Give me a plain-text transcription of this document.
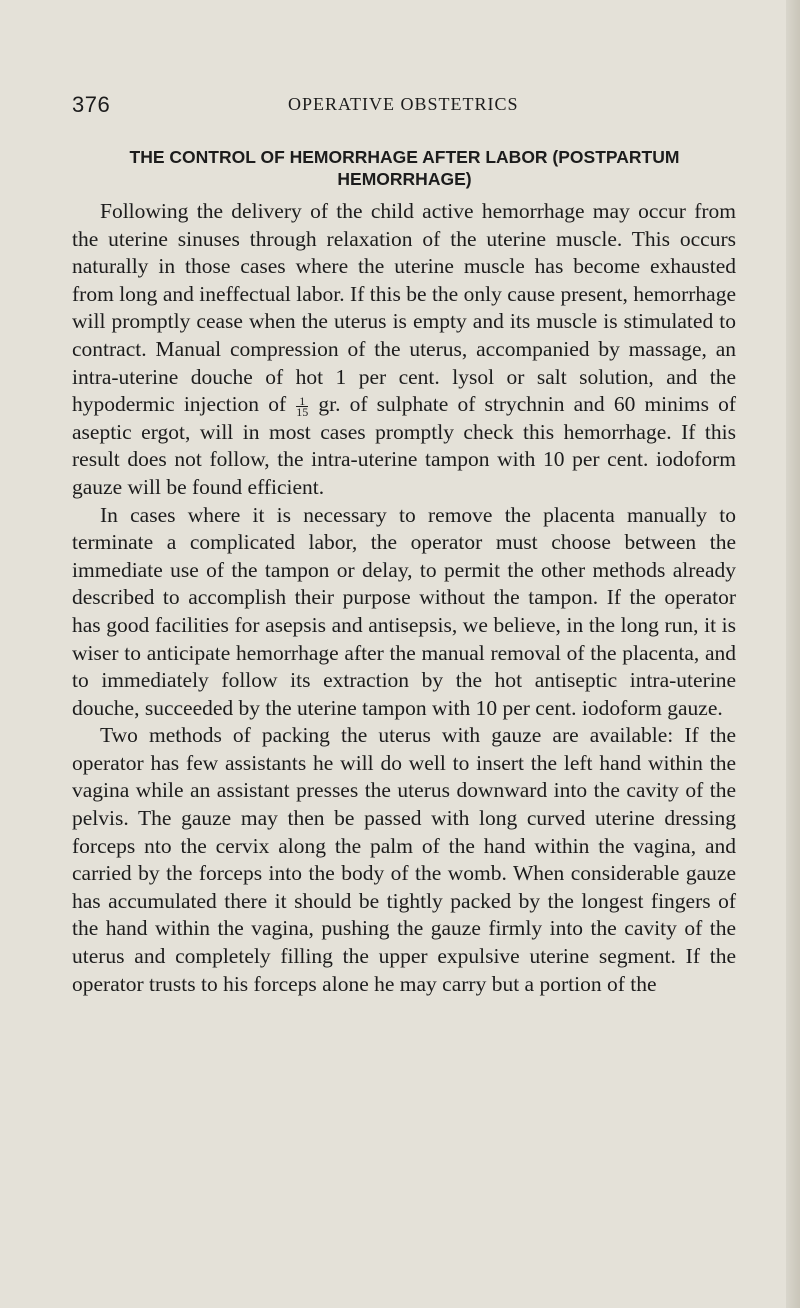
376	OPERATIVE OBSTETRICS
THE CONTROL OF HEMORRHAGE AFTER LABOR (POSTPARTUM
HEMORRHAGE)

Following the delivery of the child active hemorrhage may occur from the uterine sinuses through relaxation of the uterine muscle. This occurs naturally in those cases where the uterine muscle has become exhausted from long and ineffectual labor. If this be the only cause present, hemorrhage will promptly cease when the uterus is empty and its muscle is stimulated to contract. Manual compression of the uterus, accompanied by massage, an intra-uterine douche of hot 1 per cent. lysol or salt solution, and the hypodermic injection of $\frac{1}{15}$ gr. of sulphate of strychnin and 60 minims of aseptic ergot, will in most cases promptly check this hemorrhage. If this result does not follow, the intra-uterine tampon with 10 per cent. iodoform gauze will be found efficient.

In cases where it is necessary to remove the placenta manually to terminate a complicated labor, the operator must choose between the immediate use of the tampon or delay, to permit the other methods already described to accomplish their purpose without the tampon. If the operator has good facilities for asepsis and antisepsis, we believe, in the long run, it is wiser to anticipate hemorrhage after the manual removal of the placenta, and to immediately follow its extraction by the hot antiseptic intra-uterine douche, succeeded by the uterine tampon with 10 per cent. iodoform gauze.

Two methods of packing the uterus with gauze are available: If the operator has few assistants he will do well to insert the left hand within the vagina while an assistant presses the uterus downward into the cavity of the pelvis. The gauze may then be passed with long curved uterine dressing forceps nto the cervix along the palm of the hand within the vagina, and carried by the forceps into the body of the womb. When considerable gauze has accumulated there it should be tightly packed by the longest fingers of the hand within the vagina, pushing the gauze firmly into the cavity of the uterus and completely filling the upper expulsive uterine segment. If the operator trusts to his forceps alone he may carry but a portion of the
